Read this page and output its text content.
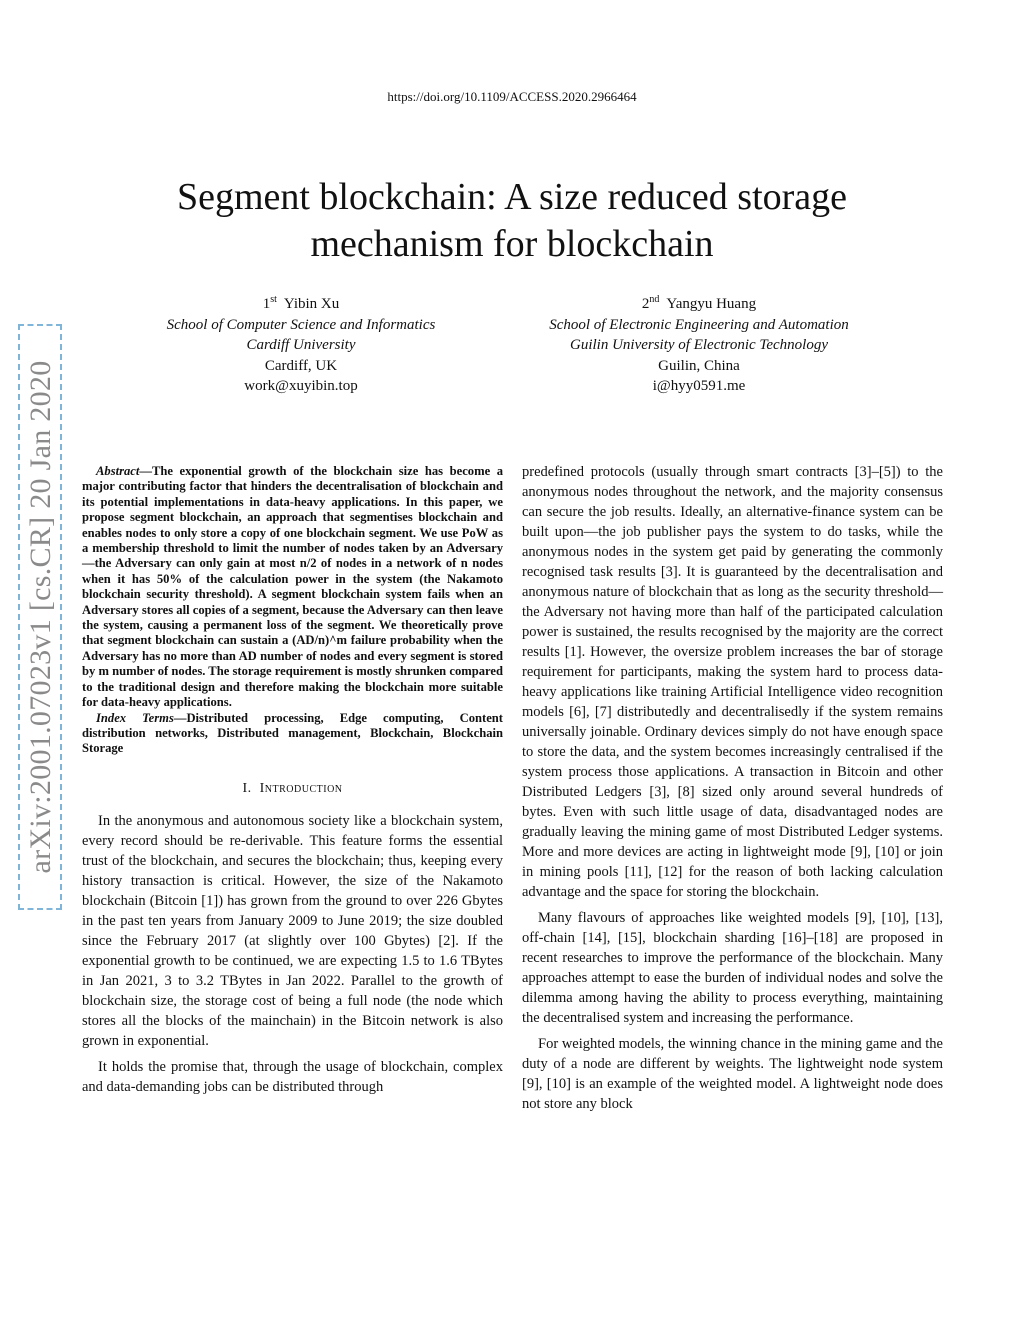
https://doi.org/10.1109/ACCESS.2020.2966464
Segment blockchain: A size reduced storage
mechanism for blockchain
1st Yibin Xu
School of Computer Science and Informatics
Cardiff University
Cardiff, UK
work@xuyibin.top
2nd Yangyu Huang
School of Electronic Engineering and Automation
Guilin University of Electronic Technology
Guilin, China
i@hyy0591.me
arXiv:2001.07023v1 [cs.CR] 20 Jan 2020	Abstract—The exponential growth of the blockchain size has become a major contributing factor that hinders the decentralisation of blockchain and its potential implementations in data-heavy applications. In this paper, we propose segment blockchain, an approach that segmentises blockchain and enables nodes to only store a copy of one blockchain segment. We use PoW as a membership threshold to limit the number of nodes taken by an Adversary—the Adversary can only gain at most n/2 of nodes in a network of n nodes when it has 50% of the calculation power in the system (the Nakamoto blockchain security threshold). A segment blockchain system fails when an Adversary stores all copies of a segment, because the Adversary can then leave the system, causing a permanent loss of the segment. We theoretically prove that segment blockchain can sustain a (AD/n)^m failure probability when the Adversary has no more than AD number of nodes and every segment is stored by m number of nodes. The storage requirement is mostly shrunken compared to the traditional design and therefore making the blockchain more suitable for data-heavy applications.

Index Terms—Distributed processing, Edge computing, Content distribution networks, Distributed management, Blockchain, Blockchain Storage

I. Introduction

In the anonymous and autonomous society like a blockchain system, every record should be re-derivable. This feature forms the essential trust of the blockchain, and secures the blockchain; thus, keeping every history transaction is critical. However, the size of the Nakamoto blockchain (Bitcoin [1]) has grown from the ground to over 226 Gbytes in the past ten years from January 2009 to June 2019; the size doubled since the February 2017 (at slightly over 100 Gbytes) [2]. If the exponential growth to be continued, we are expecting 1.5 to 1.6 TBytes in Jan 2021, 3 to 3.2 TBytes in Jan 2022. Parallel to the growth of blockchain size, the storage cost of being a full node (the node which stores all the blocks of the mainchain) in the Bitcoin network is also grown in exponential.

It holds the promise that, through the usage of blockchain, complex and data-demanding jobs can be distributed through

predefined protocols (usually through smart contracts [3]–[5]) to the anonymous nodes throughout the network, and the majority consensus can secure the job results. Ideally, an alternative-finance system can be built upon—the job publisher pays the system to do tasks, while the anonymous nodes in the system get paid by generating the commonly recognised task results [3]. It is guaranteed by the decentralisation and anonymous nature of blockchain that as long as the security threshold—the Adversary not having more than half of the participated calculation power is sustained, the results recognised by the majority are the correct results [1]. However, the oversize problem increases the bar of storage requirement for participants, making the system hard to process data-heavy applications like training Artificial Intelligence video recognition models [6], [7] distributedly and decentralisedly if the system remains universally joinable. Ordinary devices simply do not have enough space to store the data, and the system becomes increasingly centralised if the system process those applications. A transaction in Bitcoin and other Distributed Ledgers [3], [8] sized only around several hundreds of bytes. Even with such little usage of data, disadvantaged nodes are gradually leaving the mining game of most Distributed Ledger systems. More and more devices are acting in lightweight mode [9], [10] or join in mining pools [11], [12] for the reason of both lacking calculation advantage and the space for storing the blockchain.

Many flavours of approaches like weighted models [9], [10], [13], off-chain [14], [15], blockchain sharding [16]–[18] are proposed in recent researches to improve the performance of the blockchain. Many approaches attempt to ease the burden of individual nodes and solve the dilemma among having the ability to process everything, maintaining the decentralised system and increasing the performance.

For weighted models, the winning chance in the mining game and the duty of a node are different by weights. The lightweight node system [9], [10] is an example of the weighted model. A lightweight node does not store any block
